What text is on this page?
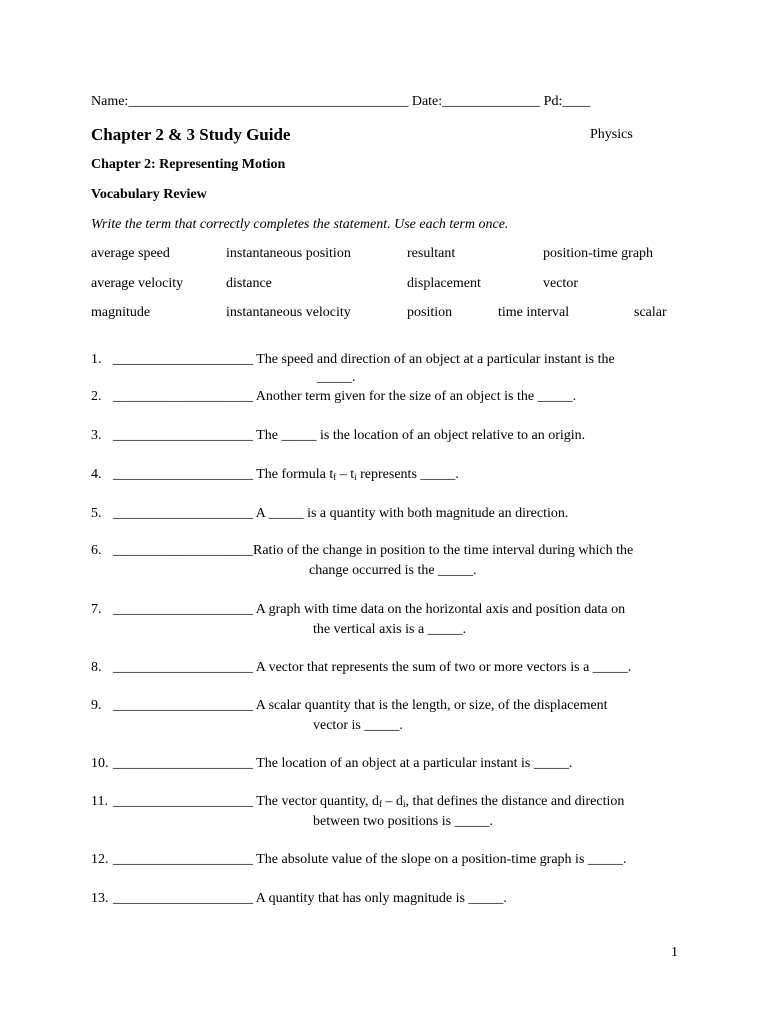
Name:________________________________________ Date:______________ Pd:____
Chapter 2 & 3 Study Guide	Physics
Chapter 2: Representing Motion
Vocabulary Review
Write the term that correctly completes the statement. Use each term once.
average speed	instantaneous position	resultant	position-time graph
average velocity	distance	displacement	vector
magnitude	instantaneous velocity	position	time interval	scalar
1. ____________________ The speed and direction of an object at a particular instant is the
_____.
2. ____________________ Another term given for the size of an object is the _____.
3. ____________________ The _____ is the location of an object relative to an origin.
4. ____________________ The formula $t_f - t_i$ represents _____.
5. ____________________ A _____ is a quantity with both magnitude an direction.
6. ____________________Ratio of the change in position to the time interval during which the
change occurred is the _____.
7. ____________________ A graph with time data on the horizontal axis and position data on
the vertical axis is a _____.
8. ____________________ A vector that represents the sum of two or more vectors is a _____.
9. ____________________ A scalar quantity that is the length, or size, of the displacement
vector is _____.
10. ____________________ The location of an object at a particular instant is _____.
11. ____________________ The vector quantity, $d_f - d_i$, that defines the distance and direction
between two positions is _____.
12. ____________________ The absolute value of the slope on a position-time graph is _____.
13. ____________________ A quantity that has only magnitude is _____.
1
